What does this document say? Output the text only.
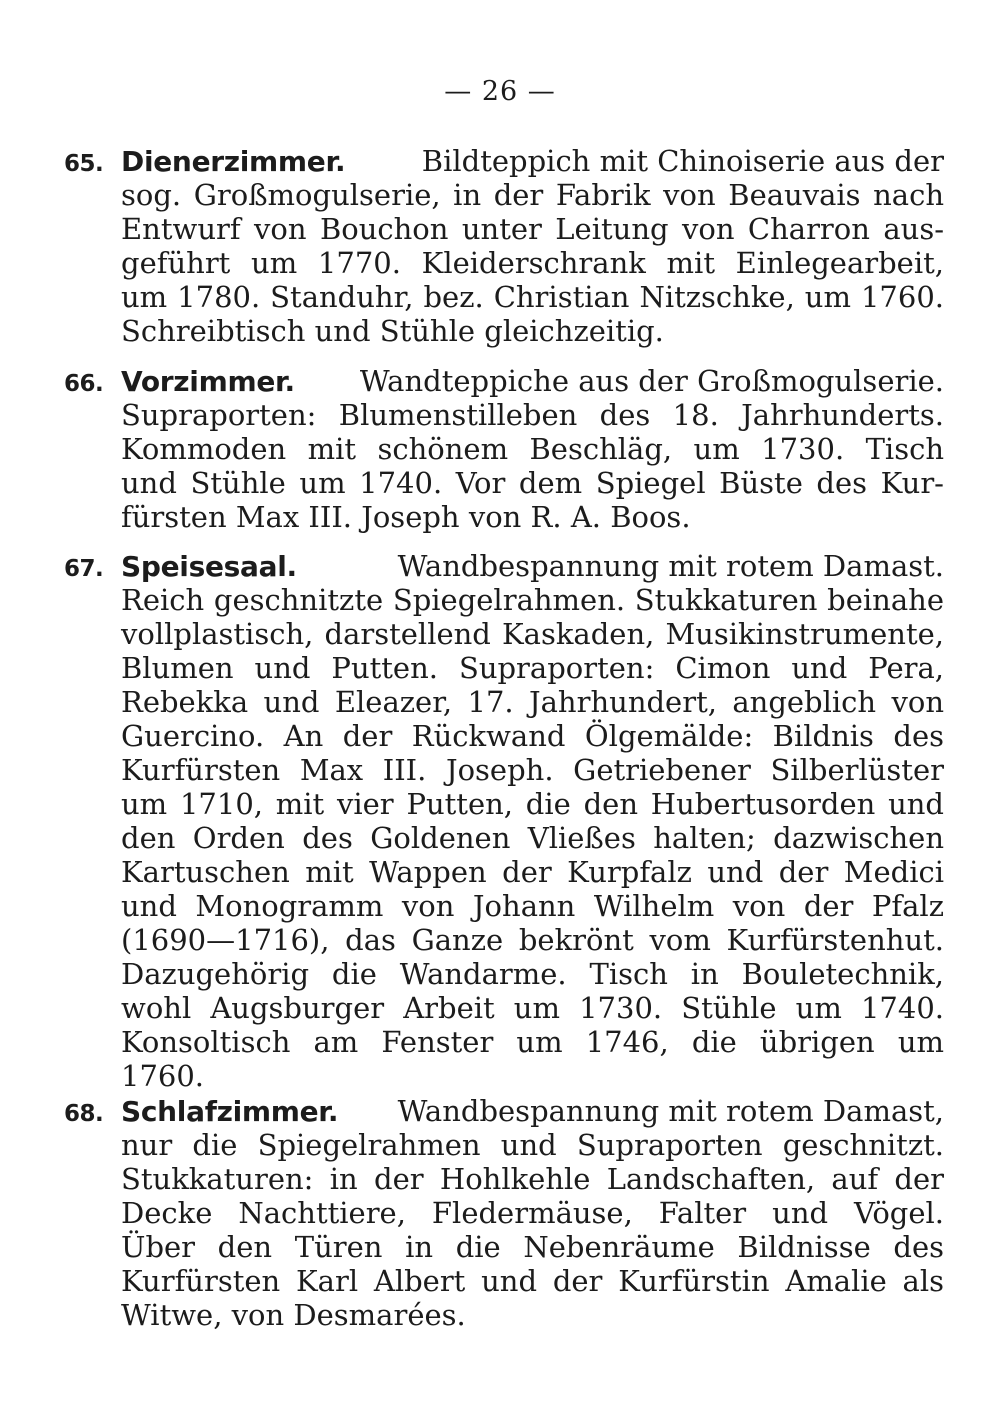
— 26 —
65. Dienerzimmer.	Bildteppich mit Chinoiserie aus der
sog. Großmogulserie, in der Fabrik von Beauvais nach
Entwurf von Bouchon unter Leitung von Charron aus-
geführt um 1770. Kleiderschrank mit Einlegearbeit,
um 1780. Standuhr, bez. Christian Nitzschke, um 1760.
Schreibtisch und Stühle gleichzeitig.
66. Vorzimmer. Wandteppiche aus der Großmogulserie.
Supraporten: Blumenstilleben des 18. Jahrhunderts.
Kommoden mit schönem Beschläg, um 1730. Tisch
und Stühle um 1740. Vor dem Spiegel Büste des Kur-
fürsten Max III. Joseph von R. A. Boos.
67. Speisesaal.	Wandbespannung mit rotem Damast.
Reich geschnitzte Spiegelrahmen. Stukkaturen beinahe
vollplastisch, darstellend Kaskaden, Musikinstrumente,
Blumen und Putten. Supraporten: Cimon und Pera,
Rebekka und Eleazer, 17. Jahrhundert, angeblich von
Guercino. An der Rückwand Ölgemälde: Bildnis des
Kurfürsten Max III. Joseph. Getriebener Silberlüster
um 1710, mit vier Putten, die den Hubertusorden und
den Orden des Goldenen Vließes halten; dazwischen
Kartuschen mit Wappen der Kurpfalz und der Medici
und Monogramm von Johann Wilhelm von der Pfalz
(1690—1716), das Ganze bekrönt vom Kurfürstenhut.
Dazugehörig die Wandarme. Tisch in Bouletechnik,
wohl Augsburger Arbeit um 1730. Stühle um 1740.
Konsoltisch am Fenster um 1746, die übrigen um
1760.
68. Schlafzimmer. Wandbespannung mit rotem Damast,
nur die Spiegelrahmen und Supraporten geschnitzt.
Stukkaturen: in der Hohlkehle Landschaften, auf der
Decke Nachttiere, Fledermäuse, Falter und Vögel.
Über den Türen in die Nebenräume Bildnisse des
Kurfürsten Karl Albert und der Kurfürstin Amalie als
Witwe, von Desmarées.
